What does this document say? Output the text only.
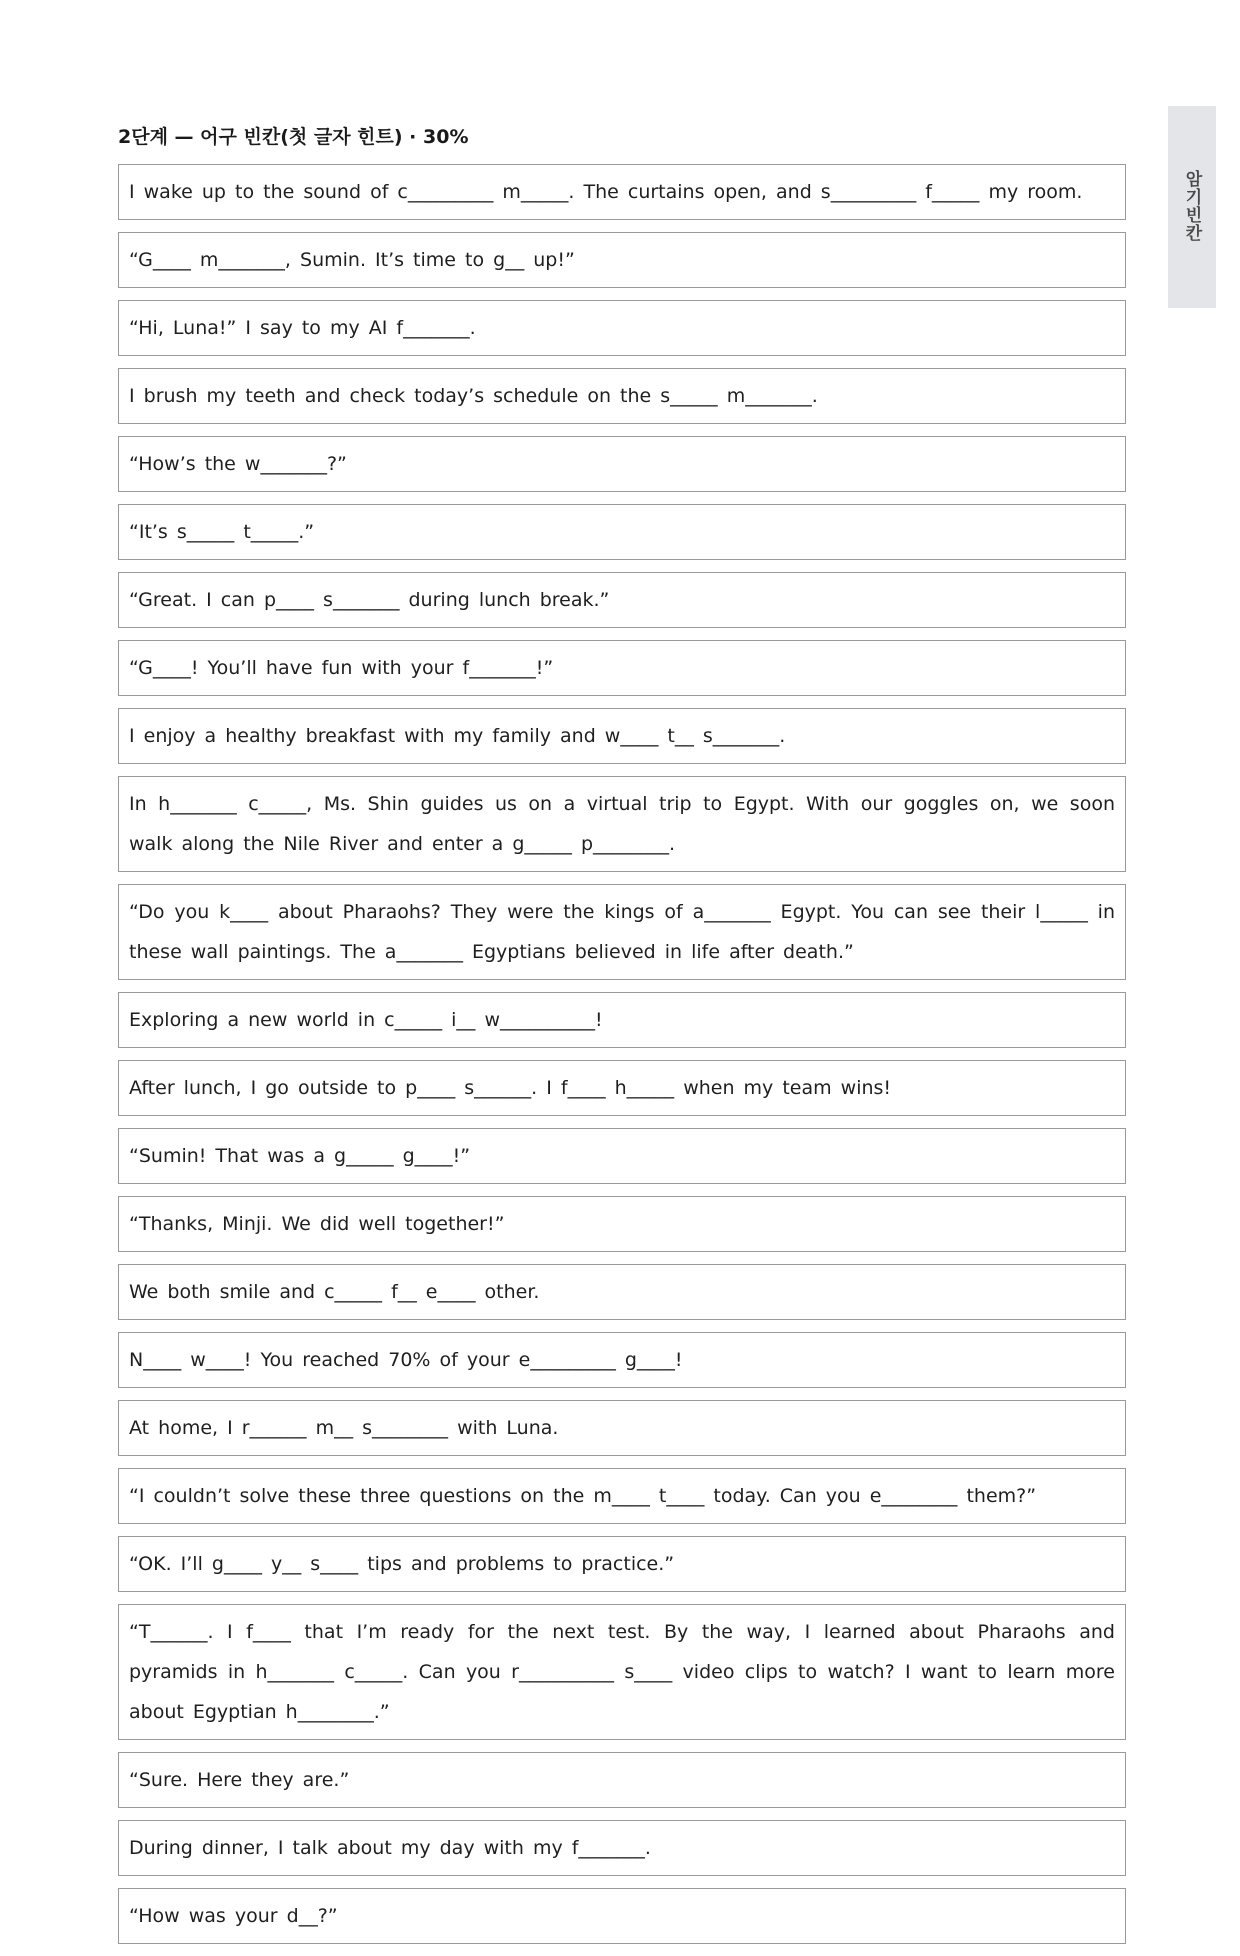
암기빈칸
2단계 — 어구 빈칸(첫 글자 힌트) · 30%
I wake up to the sound of c_________ m_____. The curtains open, and s_________ f_____ my room.
“G____ m_______, Sumin. It’s time to g__ up!”
“Hi, Luna!” I say to my AI f_______.
I brush my teeth and check today’s schedule on the s_____ m_______.
“How’s the w_______?”
“It’s s_____ t_____.”
“Great. I can p____ s_______ during lunch break.”
“G____! You’ll have fun with your f_______!”
I enjoy a healthy breakfast with my family and w____ t__ s_______.
In h_______ c_____, Ms. Shin guides us on a virtual trip to Egypt. With our goggles on, we soon walk along the Nile River and enter a g_____ p________.
“Do you k____ about Pharaohs? They were the kings of a_______ Egypt. You can see their l_____ in these wall paintings. The a_______ Egyptians believed in life after death.”
Exploring a new world in c_____ i__ w__________!
After lunch, I go outside to p____ s______. I f____ h_____ when my team wins!
“Sumin! That was a g_____ g____!”
“Thanks, Minji. We did well together!”
We both smile and c_____ f__ e____ other.
N____ w____! You reached 70% of your e_________ g____!
At home, I r______ m__ s________ with Luna.
“I couldn’t solve these three questions on the m____ t____ today. Can you e________ them?”
“OK. I’ll g____ y__ s____ tips and problems to practice.”
“T______. I f____ that I’m ready for the next test. By the way, I learned about Pharaohs and pyramids in h_______ c_____. Can you r__________ s____ video clips to watch? I want to learn more about Egyptian h________.”
“Sure. Here they are.”
During dinner, I talk about my day with my f_______.
“How was your d__?”
